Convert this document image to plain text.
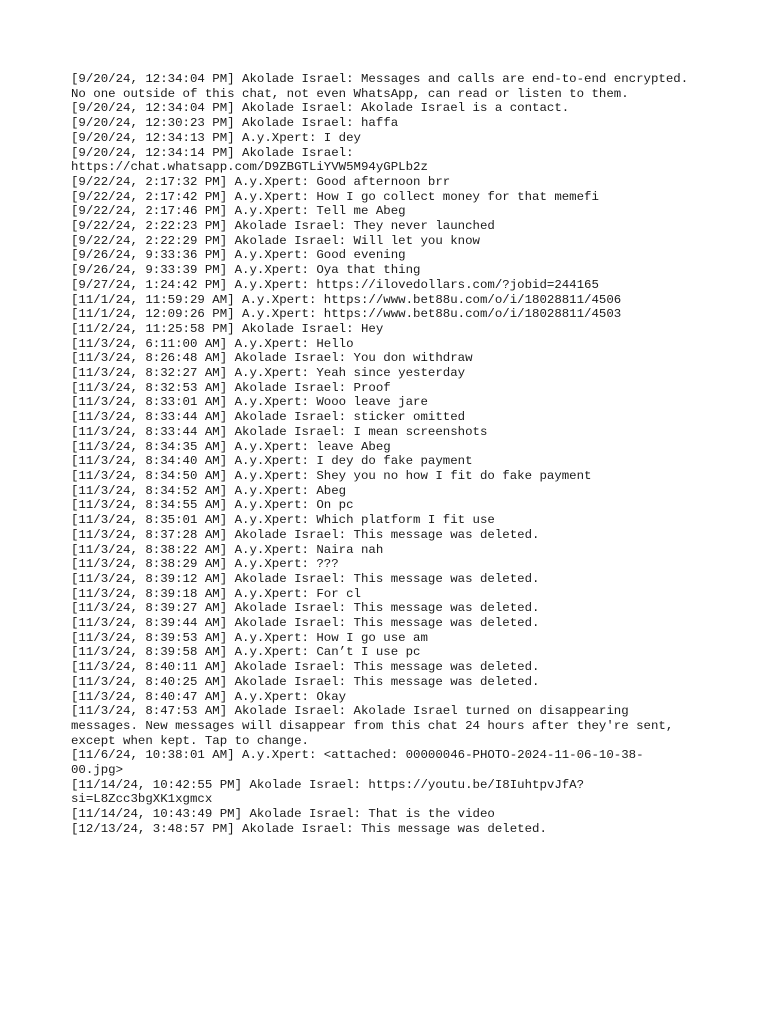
[9/20/24, 12:34:04 PM] Akolade Israel: Messages and calls are end-to-end encrypted.
No one outside of this chat, not even WhatsApp, can read or listen to them.
[9/20/24, 12:34:04 PM] Akolade Israel: Akolade Israel is a contact.
[9/20/24, 12:30:23 PM] Akolade Israel: haffa
[9/20/24, 12:34:13 PM] A.y.Xpert: I dey
[9/20/24, 12:34:14 PM] Akolade Israel:
https://chat.whatsapp.com/D9ZBGTLiYVW5M94yGPLb2z
[9/22/24, 2:17:32 PM] A.y.Xpert: Good afternoon brr
[9/22/24, 2:17:42 PM] A.y.Xpert: How I go collect money for that memefi
[9/22/24, 2:17:46 PM] A.y.Xpert: Tell me Abeg
[9/22/24, 2:22:23 PM] Akolade Israel: They never launched
[9/22/24, 2:22:29 PM] Akolade Israel: Will let you know
[9/26/24, 9:33:36 PM] A.y.Xpert: Good evening
[9/26/24, 9:33:39 PM] A.y.Xpert: Oya that thing
[9/27/24, 1:24:42 PM] A.y.Xpert: https://ilovedollars.com/?jobid=244165
[11/1/24, 11:59:29 AM] A.y.Xpert: https://www.bet88u.com/o/i/18028811/4506
[11/1/24, 12:09:26 PM] A.y.Xpert: https://www.bet88u.com/o/i/18028811/4503
[11/2/24, 11:25:58 PM] Akolade Israel: Hey
[11/3/24, 6:11:00 AM] A.y.Xpert: Hello
[11/3/24, 8:26:48 AM] Akolade Israel: You don withdraw
[11/3/24, 8:32:27 AM] A.y.Xpert: Yeah since yesterday
[11/3/24, 8:32:53 AM] Akolade Israel: Proof
[11/3/24, 8:33:01 AM] A.y.Xpert: Wooo leave jare
[11/3/24, 8:33:44 AM] Akolade Israel: sticker omitted
[11/3/24, 8:33:44 AM] Akolade Israel: I mean screenshots
[11/3/24, 8:34:35 AM] A.y.Xpert: leave Abeg
[11/3/24, 8:34:40 AM] A.y.Xpert: I dey do fake payment
[11/3/24, 8:34:50 AM] A.y.Xpert: Shey you no how I fit do fake payment
[11/3/24, 8:34:52 AM] A.y.Xpert: Abeg
[11/3/24, 8:34:55 AM] A.y.Xpert: On pc
[11/3/24, 8:35:01 AM] A.y.Xpert: Which platform I fit use
[11/3/24, 8:37:28 AM] Akolade Israel: This message was deleted.
[11/3/24, 8:38:22 AM] A.y.Xpert: Naira nah
[11/3/24, 8:38:29 AM] A.y.Xpert: ???
[11/3/24, 8:39:12 AM] Akolade Israel: This message was deleted.
[11/3/24, 8:39:18 AM] A.y.Xpert: For cl
[11/3/24, 8:39:27 AM] Akolade Israel: This message was deleted.
[11/3/24, 8:39:44 AM] Akolade Israel: This message was deleted.
[11/3/24, 8:39:53 AM] A.y.Xpert: How I go use am
[11/3/24, 8:39:58 AM] A.y.Xpert: Can’t I use pc
[11/3/24, 8:40:11 AM] Akolade Israel: This message was deleted.
[11/3/24, 8:40:25 AM] Akolade Israel: This message was deleted.
[11/3/24, 8:40:47 AM] A.y.Xpert: Okay
[11/3/24, 8:47:53 AM] Akolade Israel: Akolade Israel turned on disappearing
messages. New messages will disappear from this chat 24 hours after they're sent,
except when kept. Tap to change.
[11/6/24, 10:38:01 AM] A.y.Xpert: <attached: 00000046-PHOTO-2024-11-06-10-38-
00.jpg>
[11/14/24, 10:42:55 PM] Akolade Israel: https://youtu.be/I8IuhtpvJfA?
si=L8Zcc3bgXK1xgmcx
[11/14/24, 10:43:49 PM] Akolade Israel: That is the video
[12/13/24, 3:48:57 PM] Akolade Israel: This message was deleted.
